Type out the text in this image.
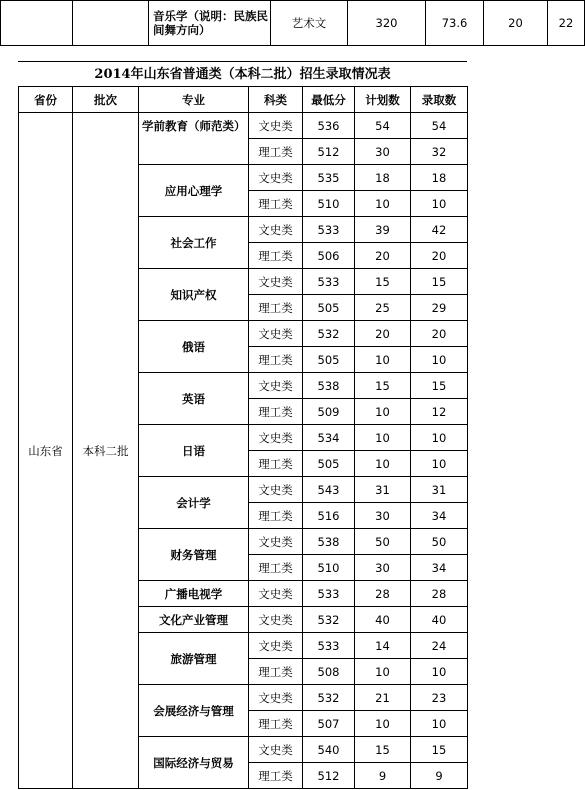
		音乐学（说明：民族民间舞方向）	艺术文	320	73.6	20	22
2014年山东省普通类（本科二批）招生录取情况表
省份	批次	专业	科类	最低分	计划数	录取数
山东省	本科二批	学前教育（师范类）	文史类	536	54	54
			理工类	512	30	32
		应用心理学	文史类	535	18	18
			理工类	510	10	10
		社会工作	文史类	533	39	42
			理工类	506	20	20
		知识产权	文史类	533	15	15
			理工类	505	25	29
		俄语	文史类	532	20	20
			理工类	505	10	10
		英语	文史类	538	15	15
			理工类	509	10	12
		日语	文史类	534	10	10
			理工类	505	10	10
		会计学	文史类	543	31	31
			理工类	516	30	34
		财务管理	文史类	538	50	50
			理工类	510	30	34
		广播电视学	文史类	533	28	28
		文化产业管理	文史类	532	40	40
		旅游管理	文史类	533	14	24
			理工类	508	10	10
		会展经济与管理	文史类	532	21	23
			理工类	507	10	10
		国际经济与贸易	文史类	540	15	15
			理工类	512	9	9
